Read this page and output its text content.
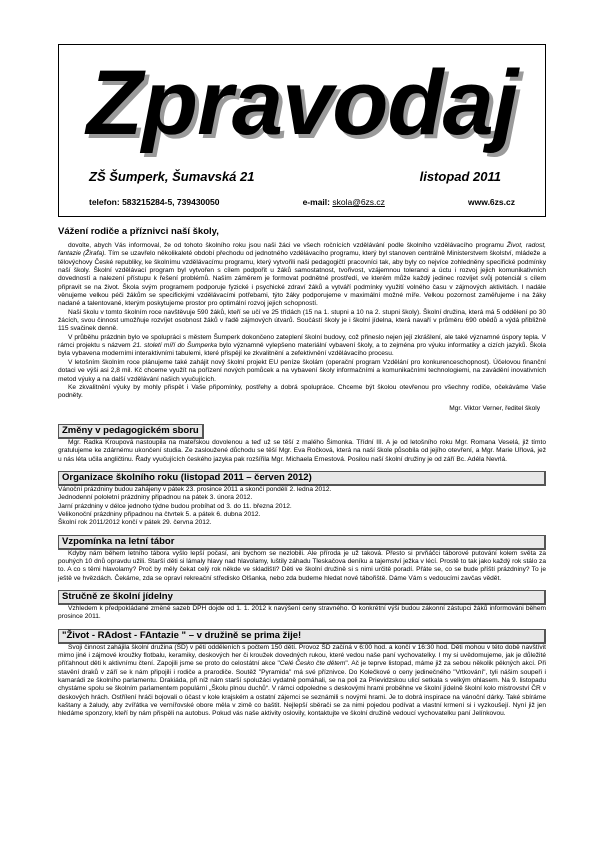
Zpravodaj
ZŠ Šumperk, Šumavská 21	listopad 2011
telefon: 583215284-5, 739430050	e-mail: skola@6zs.cz	www.6zs.cz
Vážení rodiče a příznivci naší školy,

dovolte, abych Vás informoval, že od tohoto školního roku jsou naši žáci ve všech ročnících vzdělávání podle školního vzdělávacího programu Život, radost, fantazie (Žirafa). Tím se uzavřelo několikaleté období přechodu od jednotného vzdělávacího programu, který byl stanoven centrálně Ministerstvem školství, mládeže a tělovýchovy České republiky, ke školnímu vzdělávacímu programu, který vytvořili naši pedagogičtí pracovníci tak, aby byly co nejvíce zohledněny specifické podmínky naší školy. Školní vzdělávací program byl vytvořen s cílem podpořit u žáků samostatnost, tvořivost, vzájemnou toleranci a úctu i rozvoj jejich komunikativních dovedností a nalezení přístupu k řešení problémů. Naším záměrem je formovat podnětné prostředí, ve kterém může každý jedinec rozvíjet svůj potenciál s cílem připravit se na život. Škola svým programem podporuje fyzické i psychické zdraví žáků a vytváří podmínky využití volného času v zájmových aktivitách. I nadále věnujeme velkou péči žákům se specifickými vzdělávacími potřebami, týto žáky podporujeme v maximální možné míře. Velkou pozornost zaměřujeme i na žáky nadané a talentované, kterým poskytujeme prostor pro optimální rozvoj jejich schopností.

Naši školu v tomto školním roce navštěvuje 590 žáků, kteří se učí ve 25 třídách (15 na 1. stupni a 10 na 2. stupni školy). Školní družina, která má 5 oddělení po 30 žácích, svou činnost umožňuje rozvíjet osobnost žáků v řadě zájmových útvarů. Součástí školy je i školní jídelna, která navaří v průměru 690 obědů a výdá přibližně 115 svačinek denně.

V průběhu prázdnin bylo ve spolupráci s městem Šumperk dokončeno zateplení školní budovy, což přineslo nejen její zkrášlení, ale také významné úspory tepla. V rámci projektu s názvem 21. století míří do Šumperka bylo významně vylepšeno materiální vybavení školy, a to zejména pro výuku informatiky a cizích jazyků. Škola byla vybavena moderními interaktivními tabulemi, které přispějí ke zkvalitnění a zefektivnění vzdělávacího procesu.

V letošním školním roce plánujeme také zahájit nový školní projekt EU peníze školám (operační program Vzdělání pro konkurenceschopnost). Účelovou finanční dotaci ve výši asi 2,8 mil. Kč chceme využít na pořízení nových pomůcek a na vybavení školy informačními a komunikačními technologiemi, na zavádění inovativních metod výuky a na další vzdělávání našich vyučujících.

Ke zkvalitnění výuky by mohly přispět i Vaše připomínky, postřehy a dobrá spolupráce. Chceme být školou otevřenou pro všechny rodiče, očekáváme Vaše podněty.

Mgr. Viktor Verner, ředitel školy
Změny v pedagogickém sboru

Mgr. Radka Kroupová nastoupila na mateřskou dovolenou a teď už se těší z malého Šimonka. Třídní III. A je od letošního roku Mgr. Romana Veselá, již tímto gratulujeme ke zdárnému ukončení studia. Ze zasloužené důchodu se těší Mgr. Eva Ročková, která na naší škole působila od jejího otevření, a Mgr. Marie Uřlová, jež u nás léta učila angličtinu. Řady vyučujících českého jazyka pak rozšířila Mgr. Michaela Ernestová. Posilou naší školní družiny je od září Bc. Adéla Nevrlá.

Organizace školního roku (listopad 2011 – červen 2012)
Vánoční prázdniny budou zahájeny v pátek 23. prosince 2011 a skončí pondělí 2. ledna 2012.
Jednodenní pololetní prázdniny připadnou na pátek 3. února 2012.
Jarní prázdniny v délce jednoho týdne budou probíhat od 3. do 11. března 2012.
Velikonoční prázdniny připadnou na čtvrtek 5. a pátek 6. dubna 2012.
Školní rok 2011/2012 končí v pátek 29. června 2012.
Vzpomínka na letní tábor

Kdyby nám během letního tábora vyšlo lepší počasí, ani bychom se nezlobili. Ale příroda je už taková. Přesto si prvňáčci táborové putování kolem světa za pouhých 10 dnů opravdu užili. Starší děti si lámaly hlavy nad hlavolamy, luštily záhadu Tleskačova deníku a tajemství ježka v lécí. Prostě to tak jako každý rok stálo za to. A co s těmi hlavolamy? Proč by měly čekat celý rok někde ve skladišti? Děti ve školní družině si s nimi určitě poradí. Přáte se, co se bude příští prázdniny? To je ještě ve hvězdách. Čekáme, zda se opraví rekreační středisko Olšanka, nebo zda budeme hledat nové tábořiště. Dáme Vám s vedoucími zavčas vědět.

Stručně ze školní jídelny

Vzhledem k předpokládané změně sazeb DPH dojde od 1. 1. 2012 k navýšení ceny stravného. O konkrétní výši budou zákonní zástupci žáků informováni během prosince 2011.

"Život - RAdost - FAntazie " – v družině se prima žije!

Svoji činnost zahájila školní družina (ŠD) v pěti odděleních s počtem 150 dětí. Provoz ŠD začíná v 6:00 hod. a končí v 16:30 hod. Děti mohou v této době navštívit mimo jiné i zájmové kroužky flotbalu, keramiky, deskových her či kroužek dovedných rukou, které vedou naše paní vychovatelky. I my si uvědomujeme, jak je důležité příťahnout děti k aktivnímu čtení. Zapojili jsme se proto do celostátní akce "Celé Česko čte dětem". Ač je teprve listopad, máme již za sebou několik pěkných akcí. Při stavění draků v září se k nám připojili i rodiče a prarodiče. Soutěž "Pyramida" má své příznivce. Do Kolečkové o ceny jedinečného "Vrtkování", tyli nášim soupeři i kamarádi ze školního parlamentu. Drakiáda, při níž nám starší spolužáci vydatně pomáhali, se na poli za Prievidzskou ulicí setkala s velkým ohlasem. Na 9. listopadu chystáme spolu se školním parlamentem populární „Školu plnou duchů“. V rámci odpoledne s deskovými hrami proběhne ve školní jídelně školní kolo mistrovství ČR v deskových hrách. Ostřílení hráči bojovali o účast v kole krajském a ostatní zájemci se seznámili s novými hrami. Je to dobrá inspirace na vánoční dárky. Také sbíráme kaštany a žaludy, aby zvířátka ve vernířovské obore měla v zimě co baštit. Nejlepší sběrači se za nimi pojedou podívat a vlastní krmení si i vyzkoušejí. Nyní již jen hledáme sponzory, kteří by nám přispěli na autobus. Pokud vás naše aktivity oslovily, kontaktujte ve školní družině vedoucí vychovatelku paní Jelínkovou.
